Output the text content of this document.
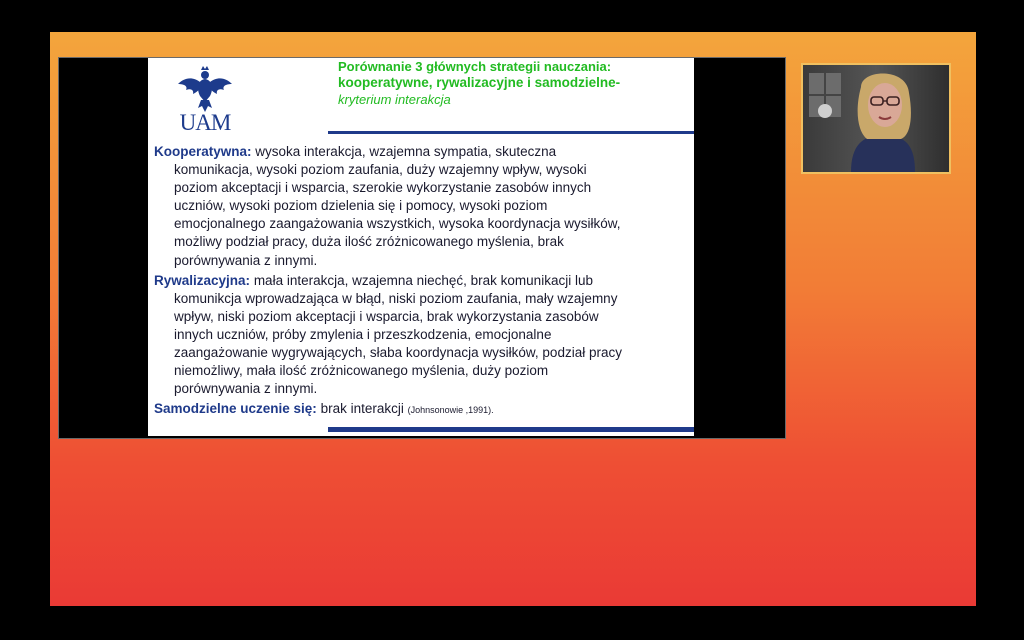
UAM
Porównanie 3 głównych strategii nauczania:
kooperatywne, rywalizacyjne i samodzielne-
kryterium interakcja
Kooperatywna: wysoka interakcja, wzajemna sympatia, skuteczna
komunikacja, wysoki poziom zaufania, duży wzajemny wpływ, wysoki
poziom akceptacji i wsparcia, szerokie wykorzystanie zasobów innych
uczniów, wysoki poziom dzielenia się i pomocy, wysoki poziom
emocjonalnego zaangażowania wszystkich, wysoka koordynacja wysiłków,
możliwy podział pracy, duża ilość zróżnicowanego myślenia, brak
porównywania z innymi.
Rywalizacyjna: mała interakcja, wzajemna niechęć, brak komunikacji lub
komunikcja wprowadzająca w błąd, niski poziom zaufania, mały wzajemny
wpływ, niski poziom akceptacji i wsparcia, brak wykorzystania zasobów
innych uczniów, próby zmylenia i przeszkodzenia, emocjonalne
zaangażowanie wygrywających, słaba koordynacja wysiłków, podział pracy
niemożliwy, mała ilość zróżnicowanego myślenia, duży poziom
porównywania z innymi.
Samodzielne uczenie się: brak interakcji (Johnsonowie ,1991).
